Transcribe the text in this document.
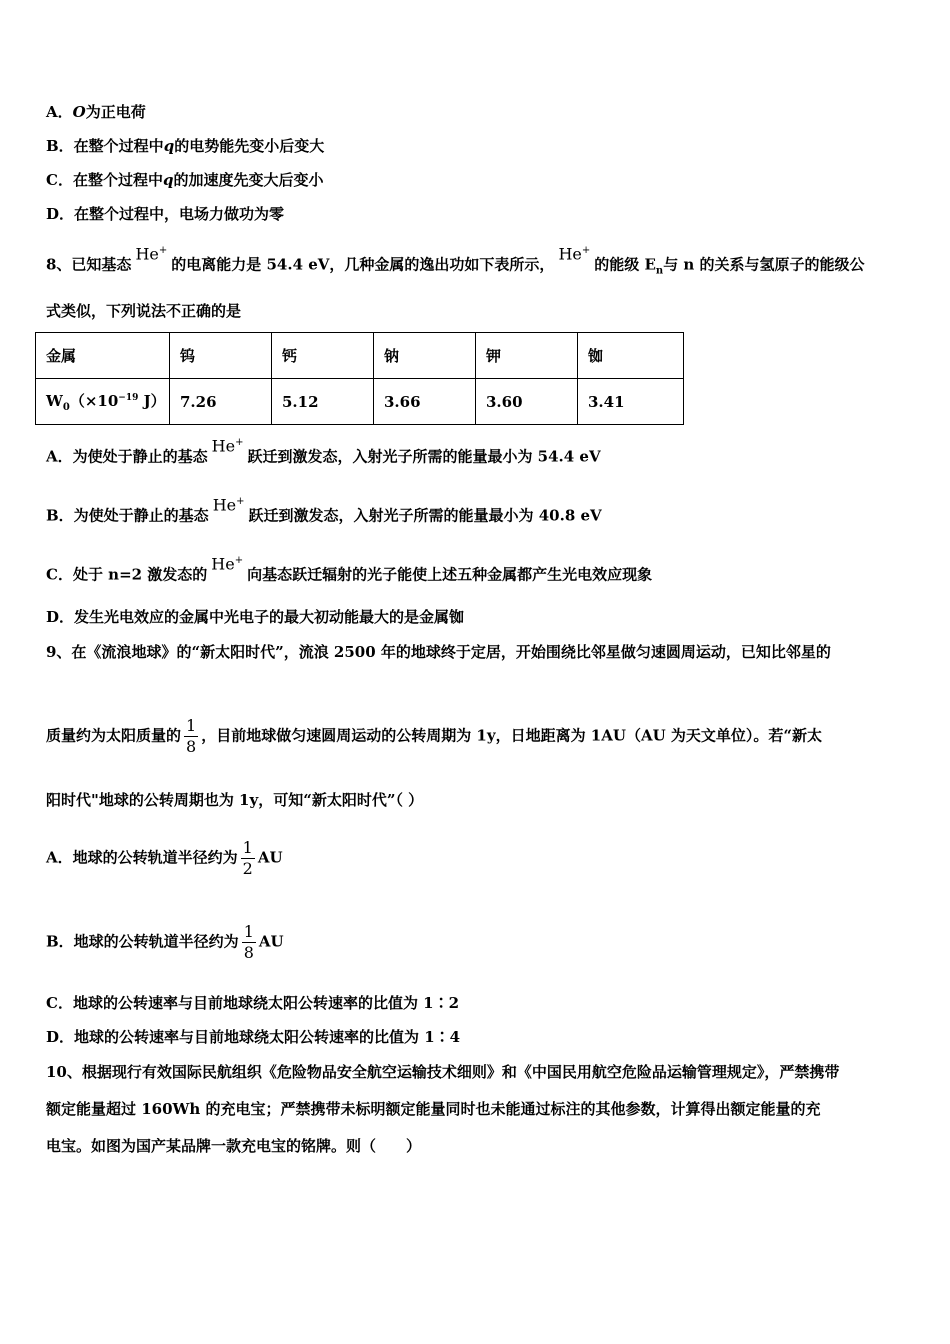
A．O为正电荷
B．在整个过程中q的电势能先变小后变大
C．在整个过程中q的加速度先变大后变小
D．在整个过程中，电场力做功为零
8、已知基态He+的电离能力是 54.4 eV，几种金属的逸出功如下表所示，He+的能级 $E_n$与 n 的关系与氢原子的能级公
式类似，下列说法不正确的是
金属	钨	钙	钠	钾	铷
$W_0(\times 10^{-19}$ J）	7.26	5.12	3.66	3.60	3.41
A．为使处于静止的基态He+跃迁到激发态，入射光子所需的能量最小为 54.4 eV
B．为使处于静止的基态He+跃迁到激发态，入射光子所需的能量最小为 40.8 eV
C．处于 n=2 激发态的He+向基态跃迁辐射的光子能使上述五种金属都产生光电效应现象
D．发生光电效应的金属中光电子的最大初动能最大的是金属铷
9、在《流浪地球》的“新太阳时代”，流浪 2500 年的地球终于定居，开始围绕比邻星做匀速圆周运动，已知比邻星的
质量约为太阳质量的 $\frac{1}{8}$ ，目前地球做匀速圆周运动的公转周期为 1y，日地距离为 1AU（AU 为天文单位）。若“新太
阳时代"地球的公转周期也为 1y，可知“新太阳时代”（ ）
A．地球的公转轨道半径约为 $\frac{1}{2}$ AU
B．地球的公转轨道半径约为 $\frac{1}{8}$ AU
C．地球的公转速率与目前地球绕太阳公转速率的比值为 1∶2
D．地球的公转速率与目前地球绕太阳公转速率的比值为 1∶4
10、根据现行有效国际民航组织《危险物品安全航空运输技术细则》和《中国民用航空危险品运输管理规定》，严禁携带
额定能量超过 160Wh 的充电宝；严禁携带未标明额定能量同时也未能通过标注的其他参数，计算得出额定能量的充
电宝。如图为国产某品牌一款充电宝的铭牌。则（　　）
